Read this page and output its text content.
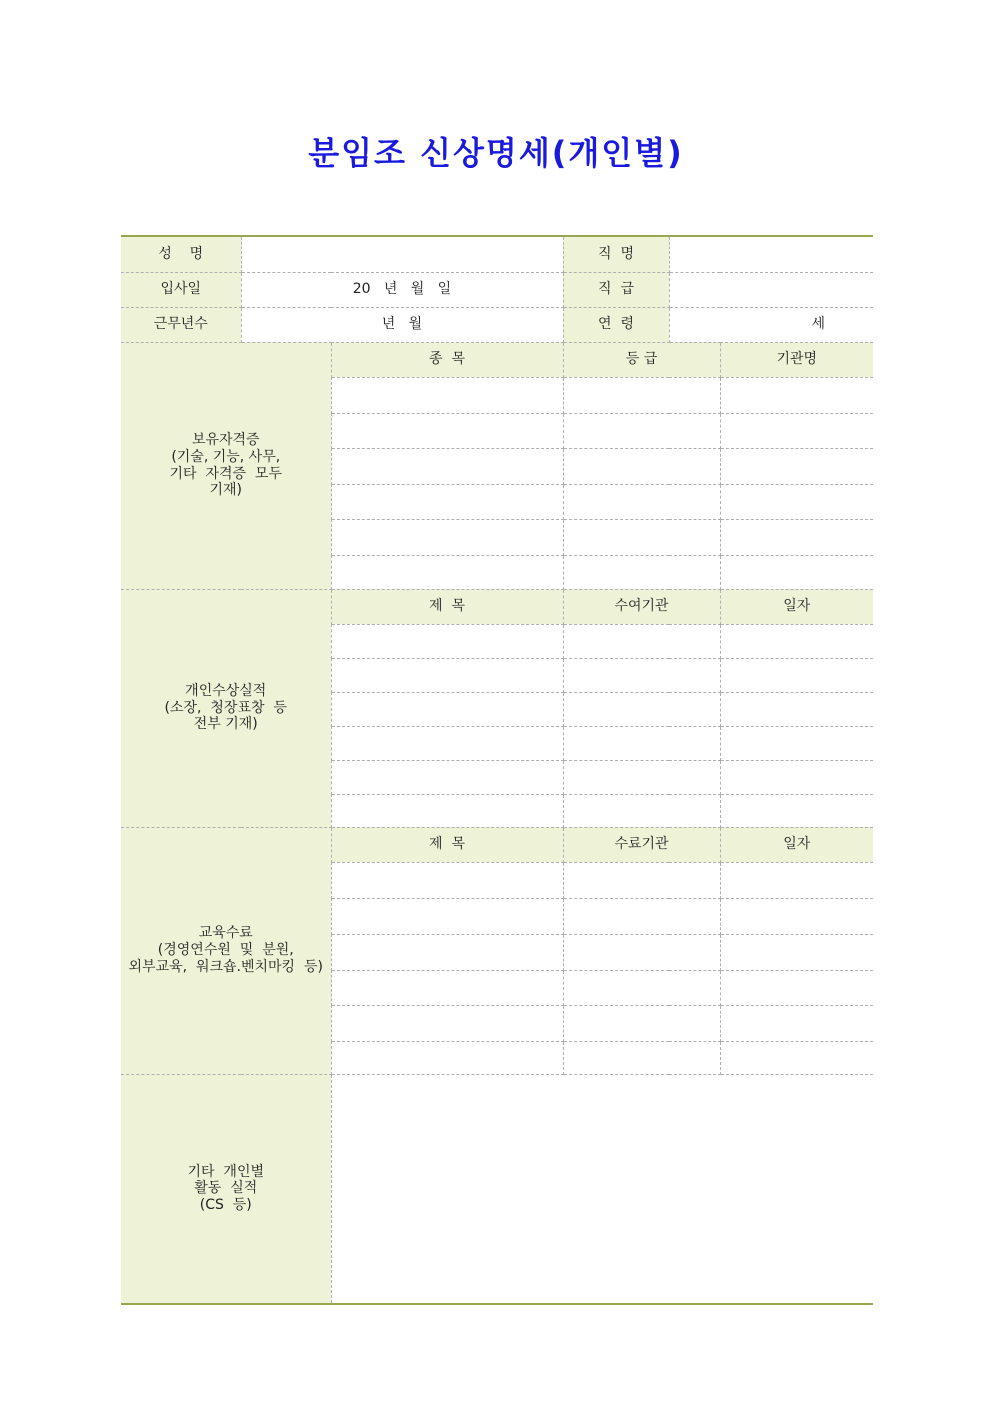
분임조 신상명세(개인별)
성    명			직  명		
입사일	20   년   월   일		직  급		
근무년수	년   월		연  령	세	

보유자격증
(기술, 기능, 사무,
기타  자격증  모두
기재)		종  목	등 급		기관명

개인수상실적
(소장,  청장표창  등
전부 기재)		제  목	수여기관		일자

교육수료
(경영연수원  및  분원,
외부교육,  워크숍.벤치마킹  등)		제  목	수료기관		일자

기타  개인별
활동  실적
(CS  등)					
